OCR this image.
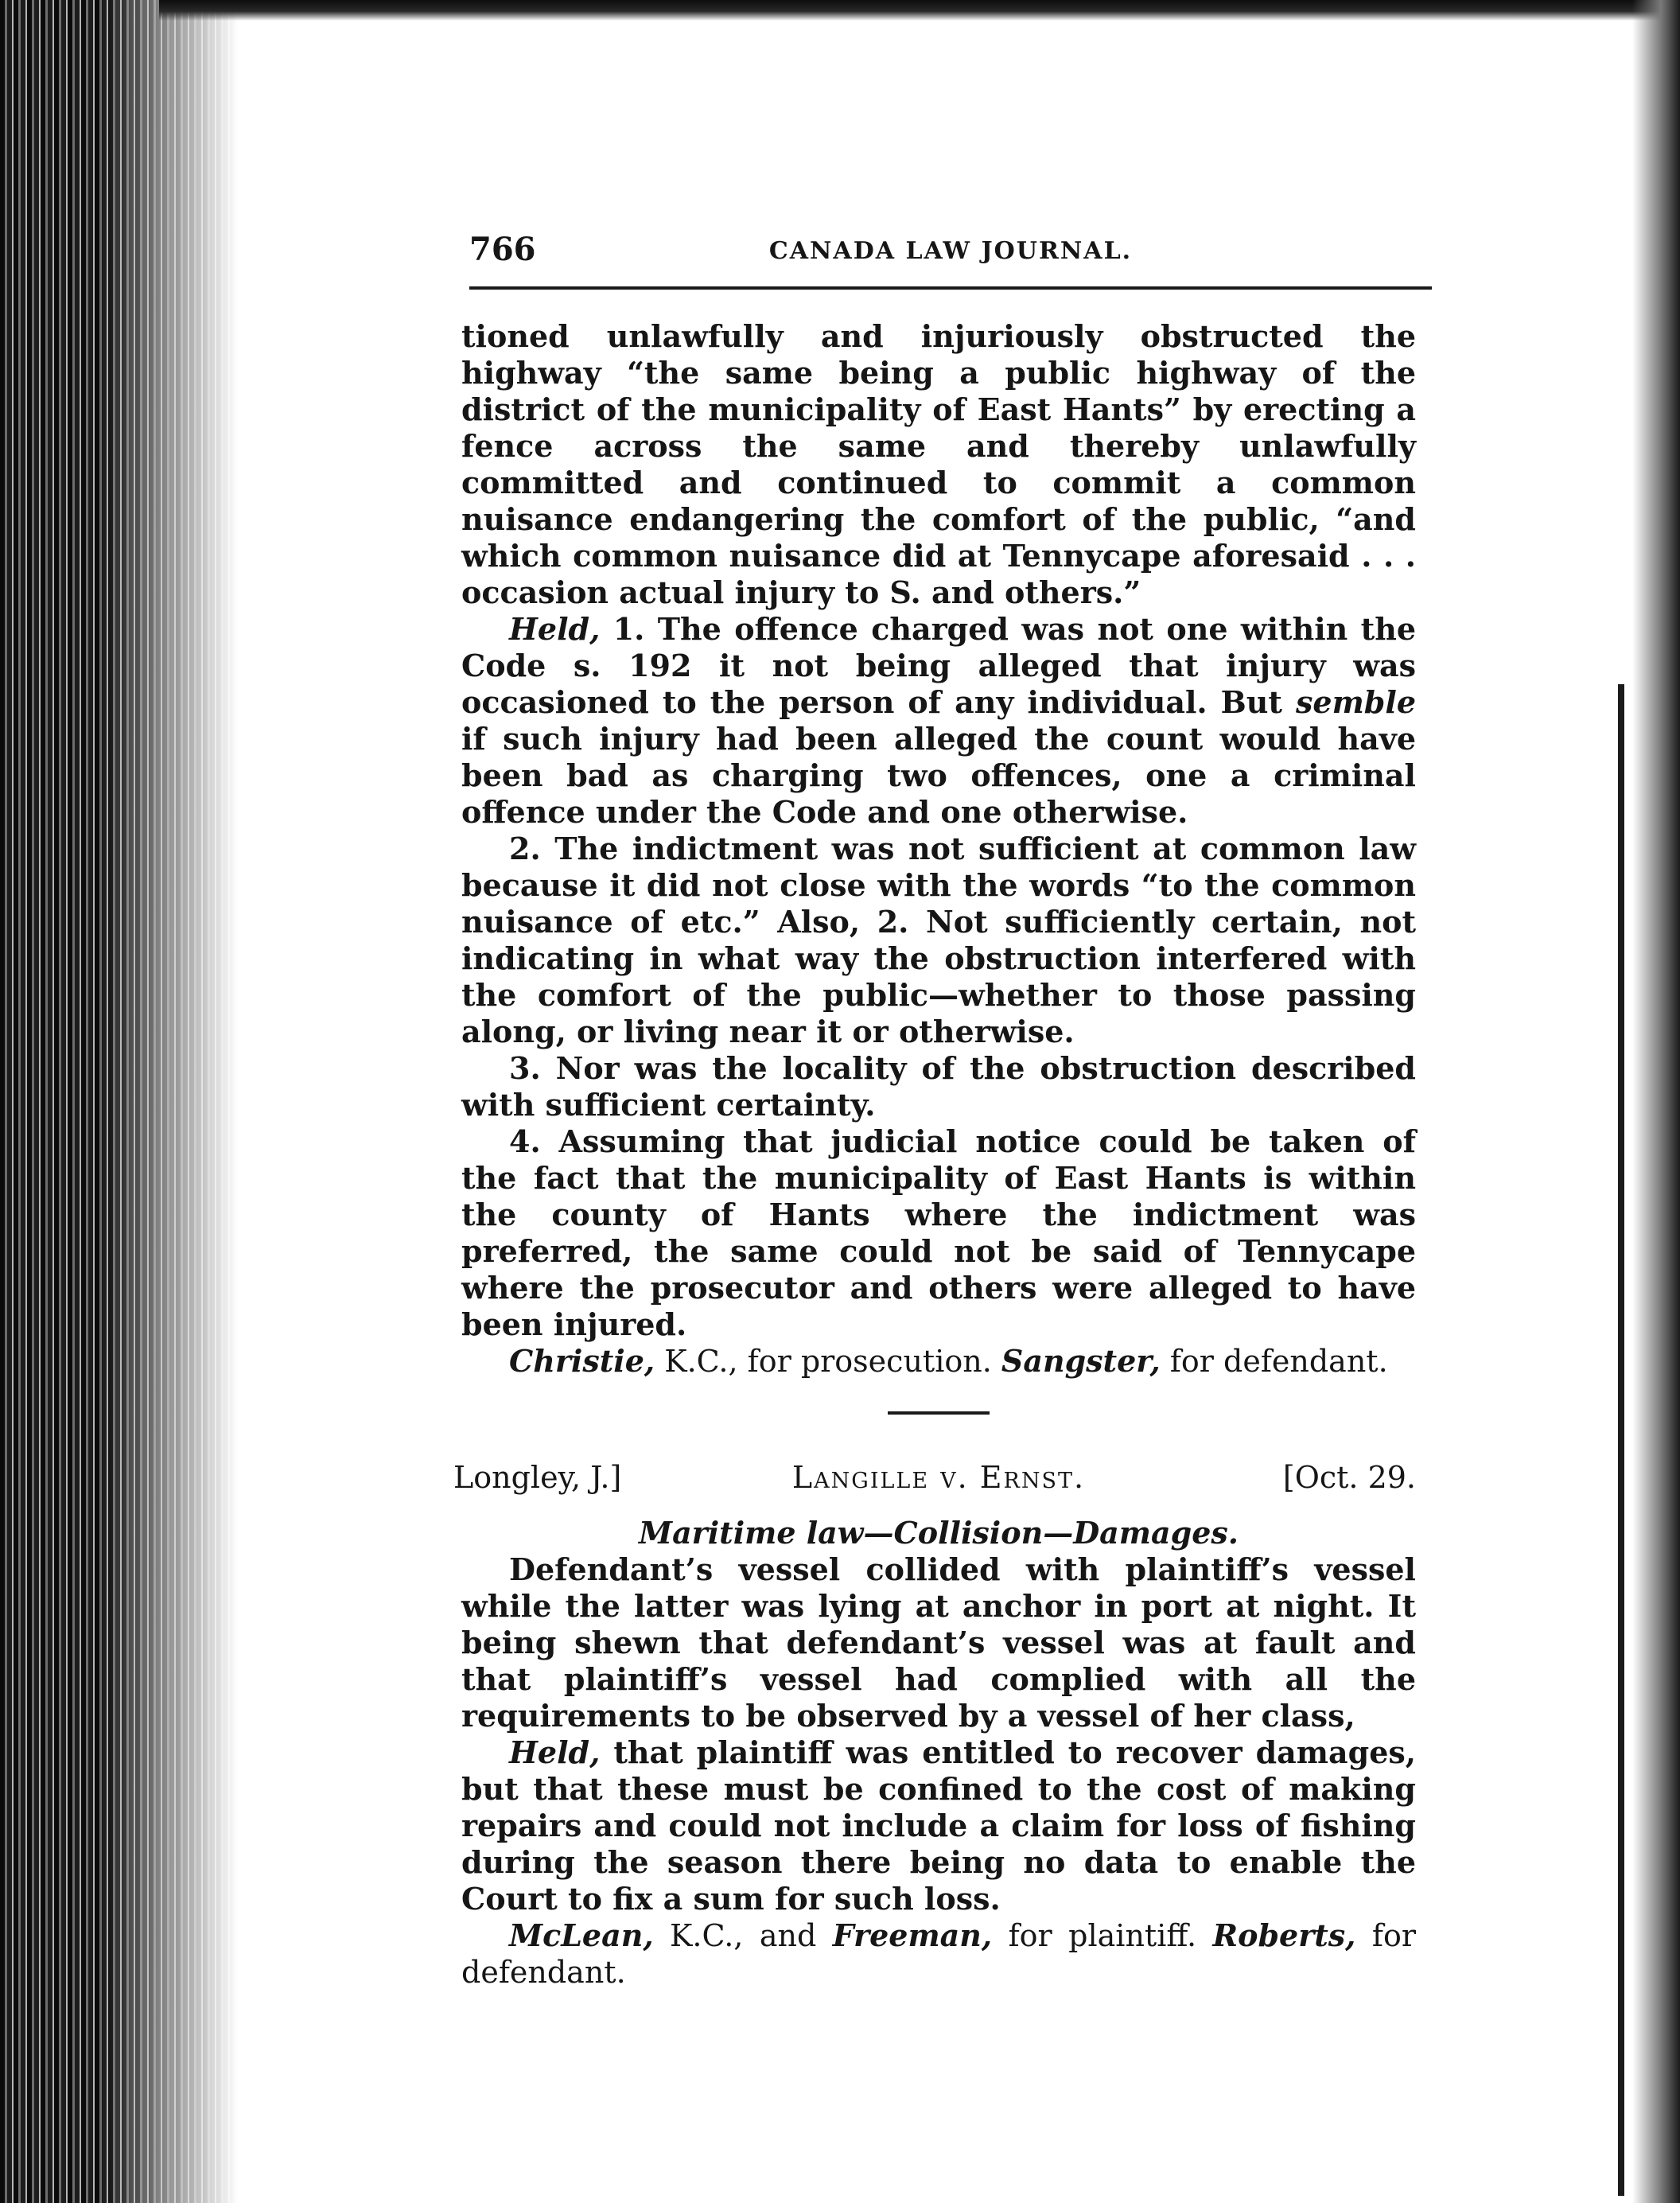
766	CANADA LAW JOURNAL.

tioned unlawfully and injuriously obstructed the highway “the same being a public highway of the district of the municipality of East Hants” by erecting a fence across the same and thereby unlawfully committed and continued to commit a common nuisance endangering the comfort of the public, “and which common nuisance did at Tennycape aforesaid . . . occasion actual injury to S. and others.”

Held, 1. The offence charged was not one within the Code s. 192 it not being alleged that injury was occasioned to the person of any individual. But semble if such injury had been alleged the count would have been bad as charging two offences, one a criminal offence under the Code and one otherwise.

2. The indictment was not sufficient at common law because it did not close with the words “to the common nuisance of etc.” Also, 2. Not sufficiently certain, not indicating in what way the obstruction interfered with the comfort of the public—whether to those passing along, or living near it or otherwise.

3. Nor was the locality of the obstruction described with sufficient certainty.

4. Assuming that judicial notice could be taken of the fact that the municipality of East Hants is within the county of Hants where the indictment was preferred, the same could not be said of Tennycape where the prosecutor and others were alleged to have been injured.

Christie, K.C., for prosecution. Sangster, for defendant.

Longley, J.]	Langille v. Ernst.	[Oct. 29.

Maritime law—Collision—Damages.

Defendant’s vessel collided with plaintiff’s vessel while the latter was lying at anchor in port at night. It being shewn that defendant’s vessel was at fault and that plaintiff’s vessel had complied with all the requirements to be observed by a vessel of her class,

Held, that plaintiff was entitled to recover damages, but that these must be confined to the cost of making repairs and could not include a claim for loss of fishing during the season there being no data to enable the Court to fix a sum for such loss.

McLean, K.C., and Freeman, for plaintiff. Roberts, for defendant.
